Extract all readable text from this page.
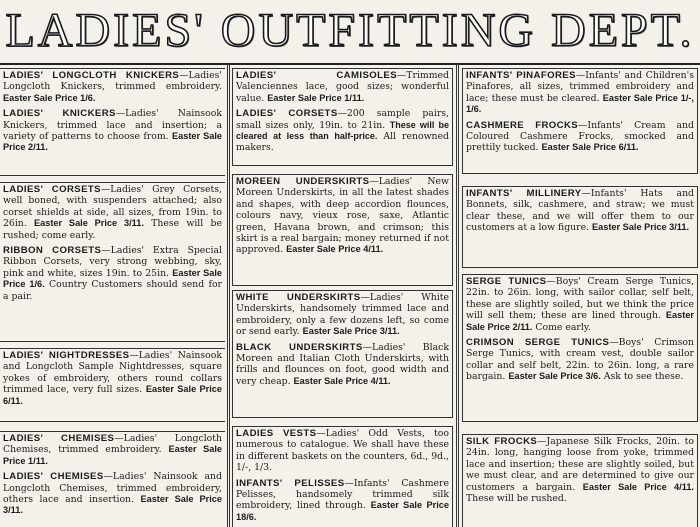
LADIES' OUTFITTING DEPT.

LADIES' LONGCLOTH KNICKERS—Ladies' Longcloth Knickers, trimmed embroidery. Easter Sale Price 1/6.

LADIES' KNICKERS—Ladies' Nainsook Knickers, trimmed lace and insertion; a variety of patterns to choose from. Easter Sale Price 2/11.

LADIES' CORSETS—Ladies' Grey Corsets, well boned, with suspenders attached; also corset shields at side, all sizes, from 19in. to 26in. Easter Sale Price 3/11. These will be rushed; come early.

RIBBON CORSETS—Ladies' Extra Special Ribbon Corsets, very strong webbing, sky, pink and white, sizes 19in. to 25in. Easter Sale Price 1/6. Country Customers should send for a pair.

LADIES' NIGHTDRESSES—Ladies' Nainsook and Longcloth Sample Nightdresses, square yokes of embroidery, others round collars trimmed lace, very full sizes. Easter Sale Price 6/11.

LADIES' CHEMISES—Ladies' Longcloth Chemises, trimmed embroidery. Easter Sale Price 1/11.

LADIES' CHEMISES—Ladies' Nainsook and Longcloth Chemises, trimmed embroidery, others lace and insertion. Easter Sale Price 3/11.

LADIES' CAMISOLES—Trimmed Valenciennes lace, good sizes; wonderful value. Easter Sale Price 1/11.

LADIES' CORSETS—200 sample pairs, small sizes only, 19in. to 21in. These will be cleared at less than half-price. All renowned makers.

MOREEN UNDERSKIRTS—Ladies' New Moreen Underskirts, in all the latest shades and shapes, with deep accordion flounces, colours navy, vieux rose, saxe, Atlantic green, Havana brown, and crimson; this skirt is a real bargain; money returned if not approved. Easter Sale Price 4/11.

WHITE UNDERSKIRTS—Ladies' White Underskirts, handsomely trimmed lace and embroidery, only a few dozens left, so come or send early. Easter Sale Price 3/11.

BLACK UNDERSKIRTS—Ladies' Black Moreen and Italian Cloth Underskirts, with frills and flounces on foot, good width and very cheap. Easter Sale Price 4/11.

LADIES VESTS—Ladies' Odd Vests, too numerous to catalogue. We shall have these in different baskets on the counters, 6d., 9d., 1/-, 1/3.

INFANTS' PELISSES—Infants' Cashmere Pelisses, handsomely trimmed silk embroidery, lined through. Easter Sale Price 18/6.

INFANTS' PINAFORES—Infants' and Children's Pinafores, all sizes, trimmed embroidery and lace; these must be cleared. Easter Sale Price 1/-, 1/6.

CASHMERE FROCKS—Infants' Cream and Coloured Cashmere Frocks, smocked and prettily tucked. Easter Sale Price 6/11.

INFANTS' MILLINERY—Infants' Hats and Bonnets, silk, cashmere, and straw; we must clear these, and we will offer them to our customers at a low figure. Easter Sale Price 3/11.

SERGE TUNICS—Boys' Cream Serge Tunics, 22in. to 26in. long, with sailor collar, self belt, these are slightly soiled, but we think the price will sell them; these are lined through. Easter Sale Price 2/11. Come early.

CRIMSON SERGE TUNICS—Boys' Crimson Serge Tunics, with cream vest, double sailor collar and self belt, 22in. to 26in. long, a rare bargain. Easter Sale Price 3/6. Ask to see these.

SILK FROCKS—Japanese Silk Frocks, 20in. to 24in. long, hanging loose from yoke, trimmed lace and insertion; these are slightly soiled, but we must clear, and are determined to give our customers a bargain. Easter Sale Price 4/11. These will be rushed.
